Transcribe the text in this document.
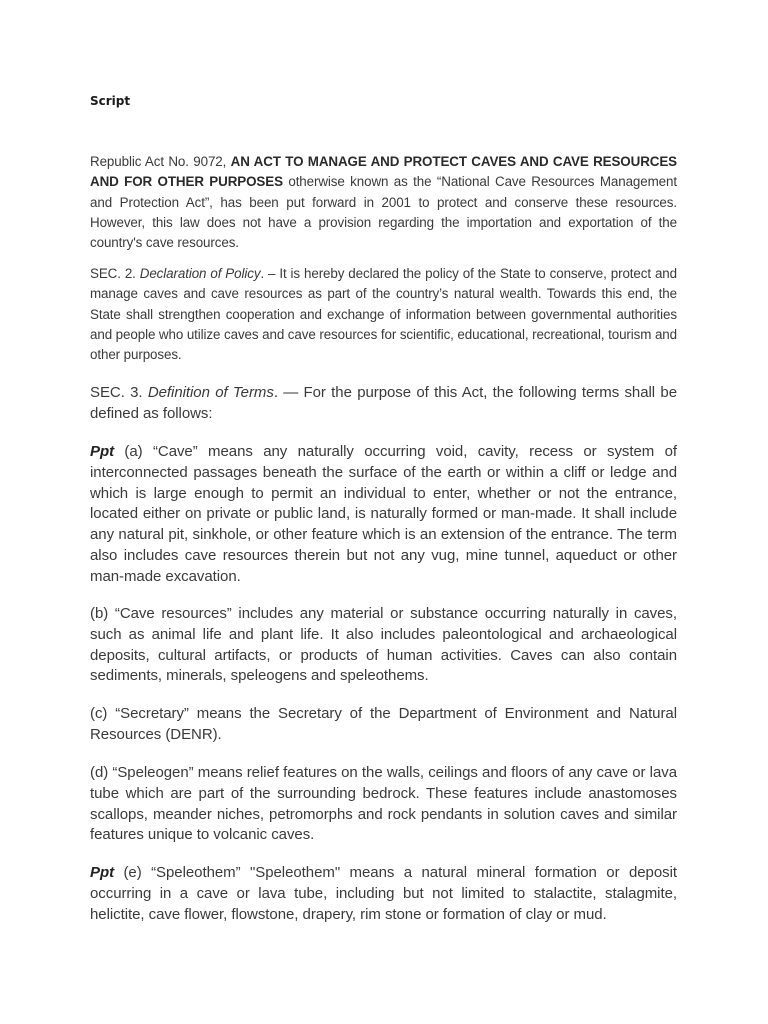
Script

Republic Act No. 9072, AN ACT TO MANAGE AND PROTECT CAVES AND CAVE RESOURCES AND FOR OTHER PURPOSES otherwise known as the “National Cave Resources Management and Protection Act”, has been put forward in 2001 to protect and conserve these resources. However, this law does not have a provision regarding the importation and exportation of the country's cave resources.

SEC. 2. Declaration of Policy. – It is hereby declared the policy of the State to conserve, protect and manage caves and cave resources as part of the country’s natural wealth. Towards this end, the State shall strengthen cooperation and exchange of information between governmental authorities and people who utilize caves and cave resources for scientific, educational, recreational, tourism and other purposes.

SEC. 3. Definition of Terms. — For the purpose of this Act, the following terms shall be defined as follows:

Ppt (a) “Cave” means any naturally occurring void, cavity, recess or system of interconnected passages beneath the surface of the earth or within a cliff or ledge and which is large enough to permit an individual to enter, whether or not the entrance, located either on private or public land, is naturally formed or man-made. It shall include any natural pit, sinkhole, or other feature which is an extension of the entrance. The term also includes cave resources therein but not any vug, mine tunnel, aqueduct or other man-made excavation.

(b) “Cave resources” includes any material or substance occurring naturally in caves, such as animal life and plant life. It also includes paleontological and archaeological deposits, cultural artifacts, or products of human activities. Caves can also contain sediments, minerals, speleogens and speleothems.

(c) “Secretary” means the Secretary of the Department of Environment and Natural Resources (DENR).

(d) “Speleogen” means relief features on the walls, ceilings and floors of any cave or lava tube which are part of the surrounding bedrock. These features include anastomoses scallops, meander niches, petromorphs and rock pendants in solution caves and similar features unique to volcanic caves.

Ppt (e) “Speleothem” "Speleothem" means a natural mineral formation or deposit occurring in a cave or lava tube, including but not limited to stalactite, stalagmite, helictite, cave flower, flowstone, drapery, rim stone or formation of clay or mud.
